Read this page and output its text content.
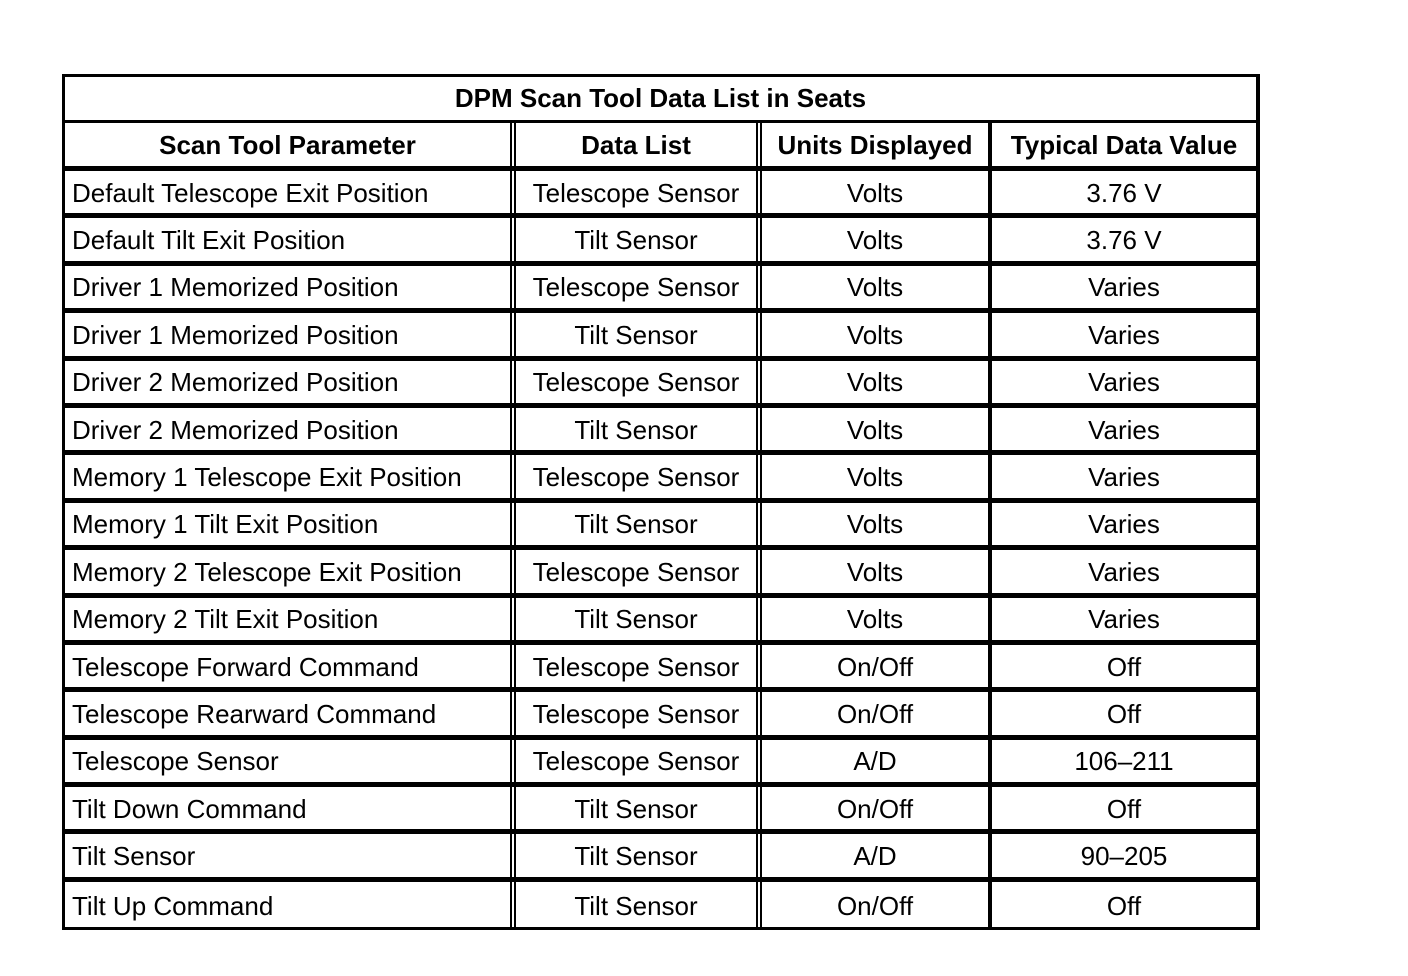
DPM Scan Tool Data List in Seats
Scan Tool Parameter	Data List	Units Displayed	Typical Data Value
Default Telescope Exit Position	Telescope Sensor	Volts	3.76 V
Default Tilt Exit Position	Tilt Sensor	Volts	3.76 V
Driver 1 Memorized Position	Telescope Sensor	Volts	Varies
Driver 1 Memorized Position	Tilt Sensor	Volts	Varies
Driver 2 Memorized Position	Telescope Sensor	Volts	Varies
Driver 2 Memorized Position	Tilt Sensor	Volts	Varies
Memory 1 Telescope Exit Position	Telescope Sensor	Volts	Varies
Memory 1 Tilt Exit Position	Tilt Sensor	Volts	Varies
Memory 2 Telescope Exit Position	Telescope Sensor	Volts	Varies
Memory 2 Tilt Exit Position	Tilt Sensor	Volts	Varies
Telescope Forward Command	Telescope Sensor	On/Off	Off
Telescope Rearward Command	Telescope Sensor	On/Off	Off
Telescope Sensor	Telescope Sensor	A/D	106–211
Tilt Down Command	Tilt Sensor	On/Off	Off
Tilt Sensor	Tilt Sensor	A/D	90–205
Tilt Up Command	Tilt Sensor	On/Off	Off
